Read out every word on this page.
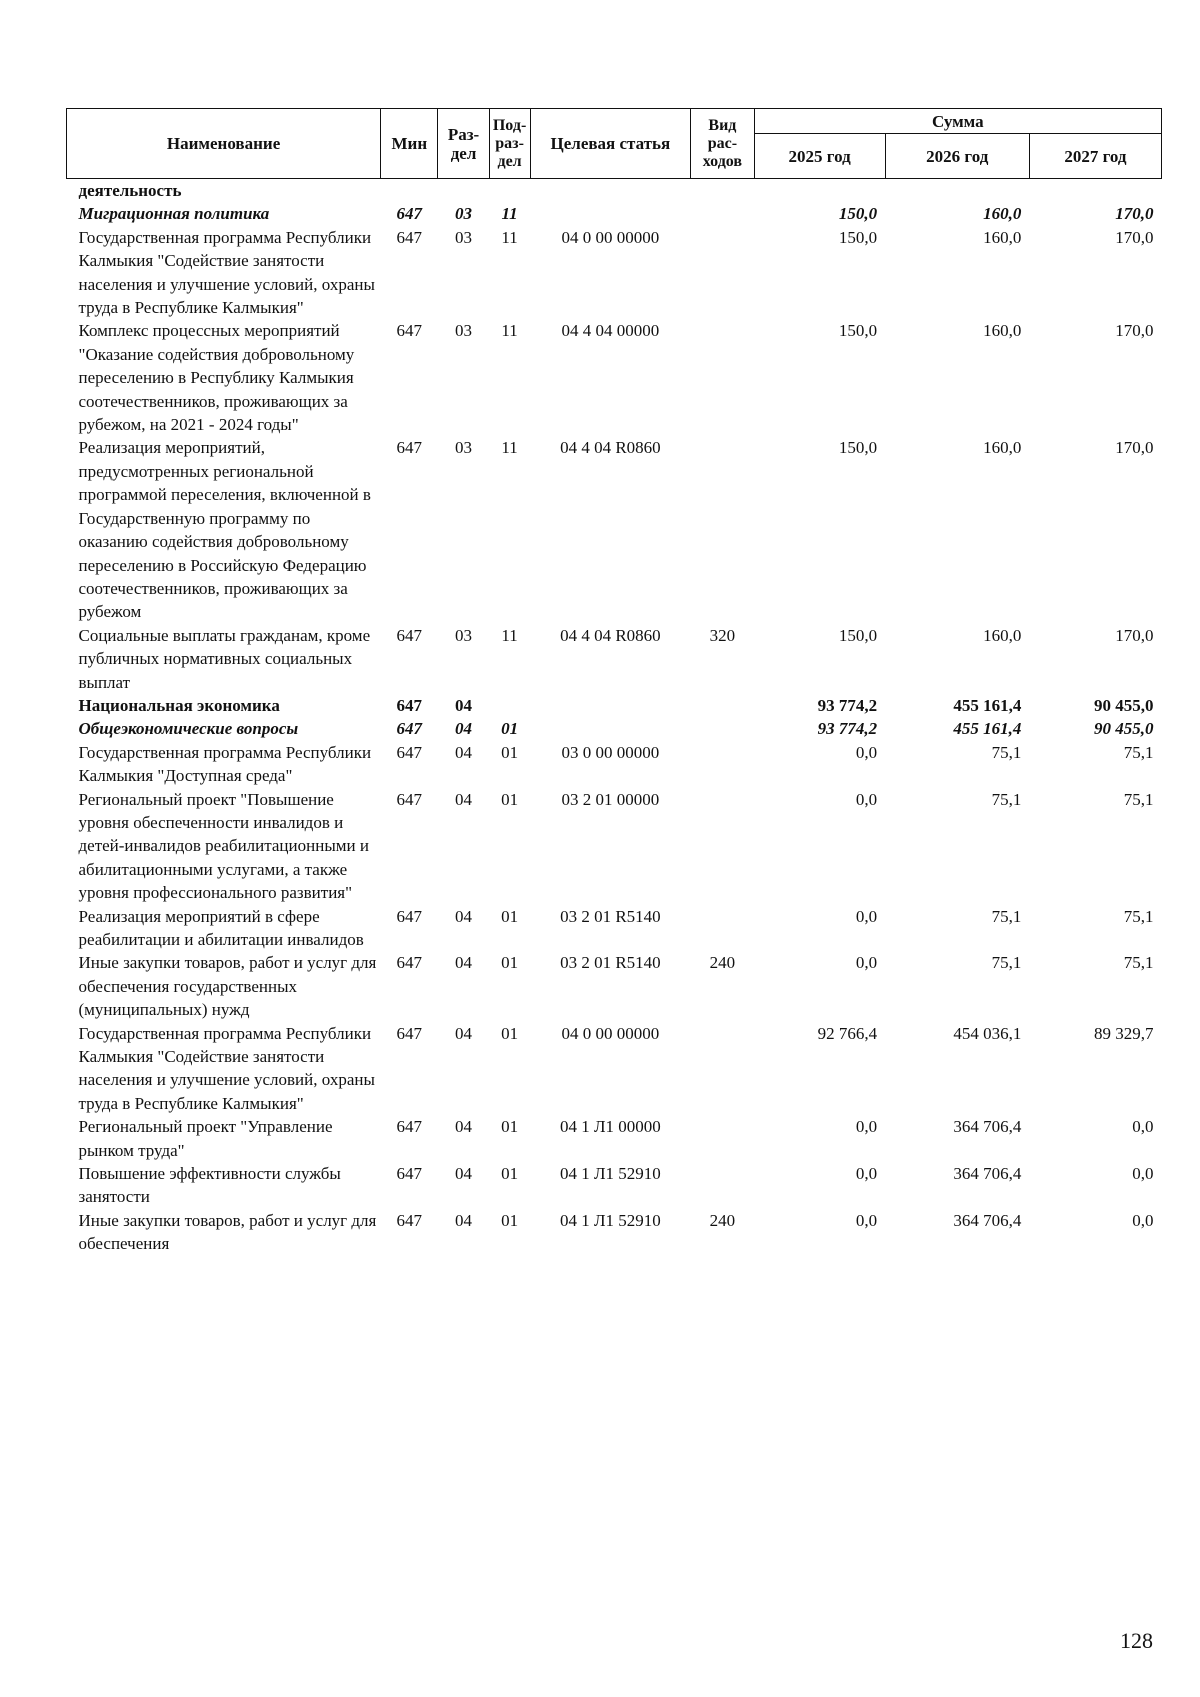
Наименование	Мин	Раз-дел	Под-раз-дел	Целевая статья	Вид рас-ходов	Сумма		
						2025 год	2026 год	2027 год
деятельность								
Миграционная политика	647	03	11			150,0	160,0	170,0
Государственная программа Республики Калмыкия "Содействие занятости населения и улучшение условий, охраны труда в Республике Калмыкия"	647	03	11	04 0 00 00000		150,0	160,0	170,0
Комплекс процессных мероприятий "Оказание содействия добровольному переселению в Республику Калмыкия соотечественников, проживающих за рубежом, на 2021 - 2024 годы"	647	03	11	04 4 04 00000		150,0	160,0	170,0
Реализация мероприятий, предусмотренных региональной программой переселения, включенной в Государственную программу по оказанию содействия добровольному переселению в Российскую Федерацию соотечественников, проживающих за рубежом	647	03	11	04 4 04 R0860		150,0	160,0	170,0
Социальные выплаты гражданам, кроме публичных нормативных социальных выплат	647	03	11	04 4 04 R0860	320	150,0	160,0	170,0
Национальная экономика	647	04				93 774,2	455 161,4	90 455,0
Общеэкономические вопросы	647	04	01			93 774,2	455 161,4	90 455,0
Государственная программа Республики Калмыкия "Доступная среда"	647	04	01	03 0 00 00000		0,0	75,1	75,1
Региональный проект "Повышение уровня обеспеченности инвалидов и детей-инвалидов реабилитационными и абилитационными услугами, а также уровня профессионального развития"	647	04	01	03 2 01 00000		0,0	75,1	75,1
Реализация мероприятий в сфере реабилитации и абилитации инвалидов	647	04	01	03 2 01 R5140		0,0	75,1	75,1
Иные закупки товаров, работ и услуг для обеспечения государственных (муниципальных) нужд	647	04	01	03 2 01 R5140	240	0,0	75,1	75,1
Государственная программа Республики Калмыкия "Содействие занятости населения и улучшение условий, охраны труда в Республике Калмыкия"	647	04	01	04 0 00 00000		92 766,4	454 036,1	89 329,7
Региональный проект "Управление рынком труда"	647	04	01	04 1 Л1 00000		0,0	364 706,4	0,0
Повышение эффективности службы занятости	647	04	01	04 1 Л1 52910		0,0	364 706,4	0,0
Иные закупки товаров, работ и услуг для обеспечения	647	04	01	04 1 Л1 52910	240	0,0	364 706,4	0,0
128
